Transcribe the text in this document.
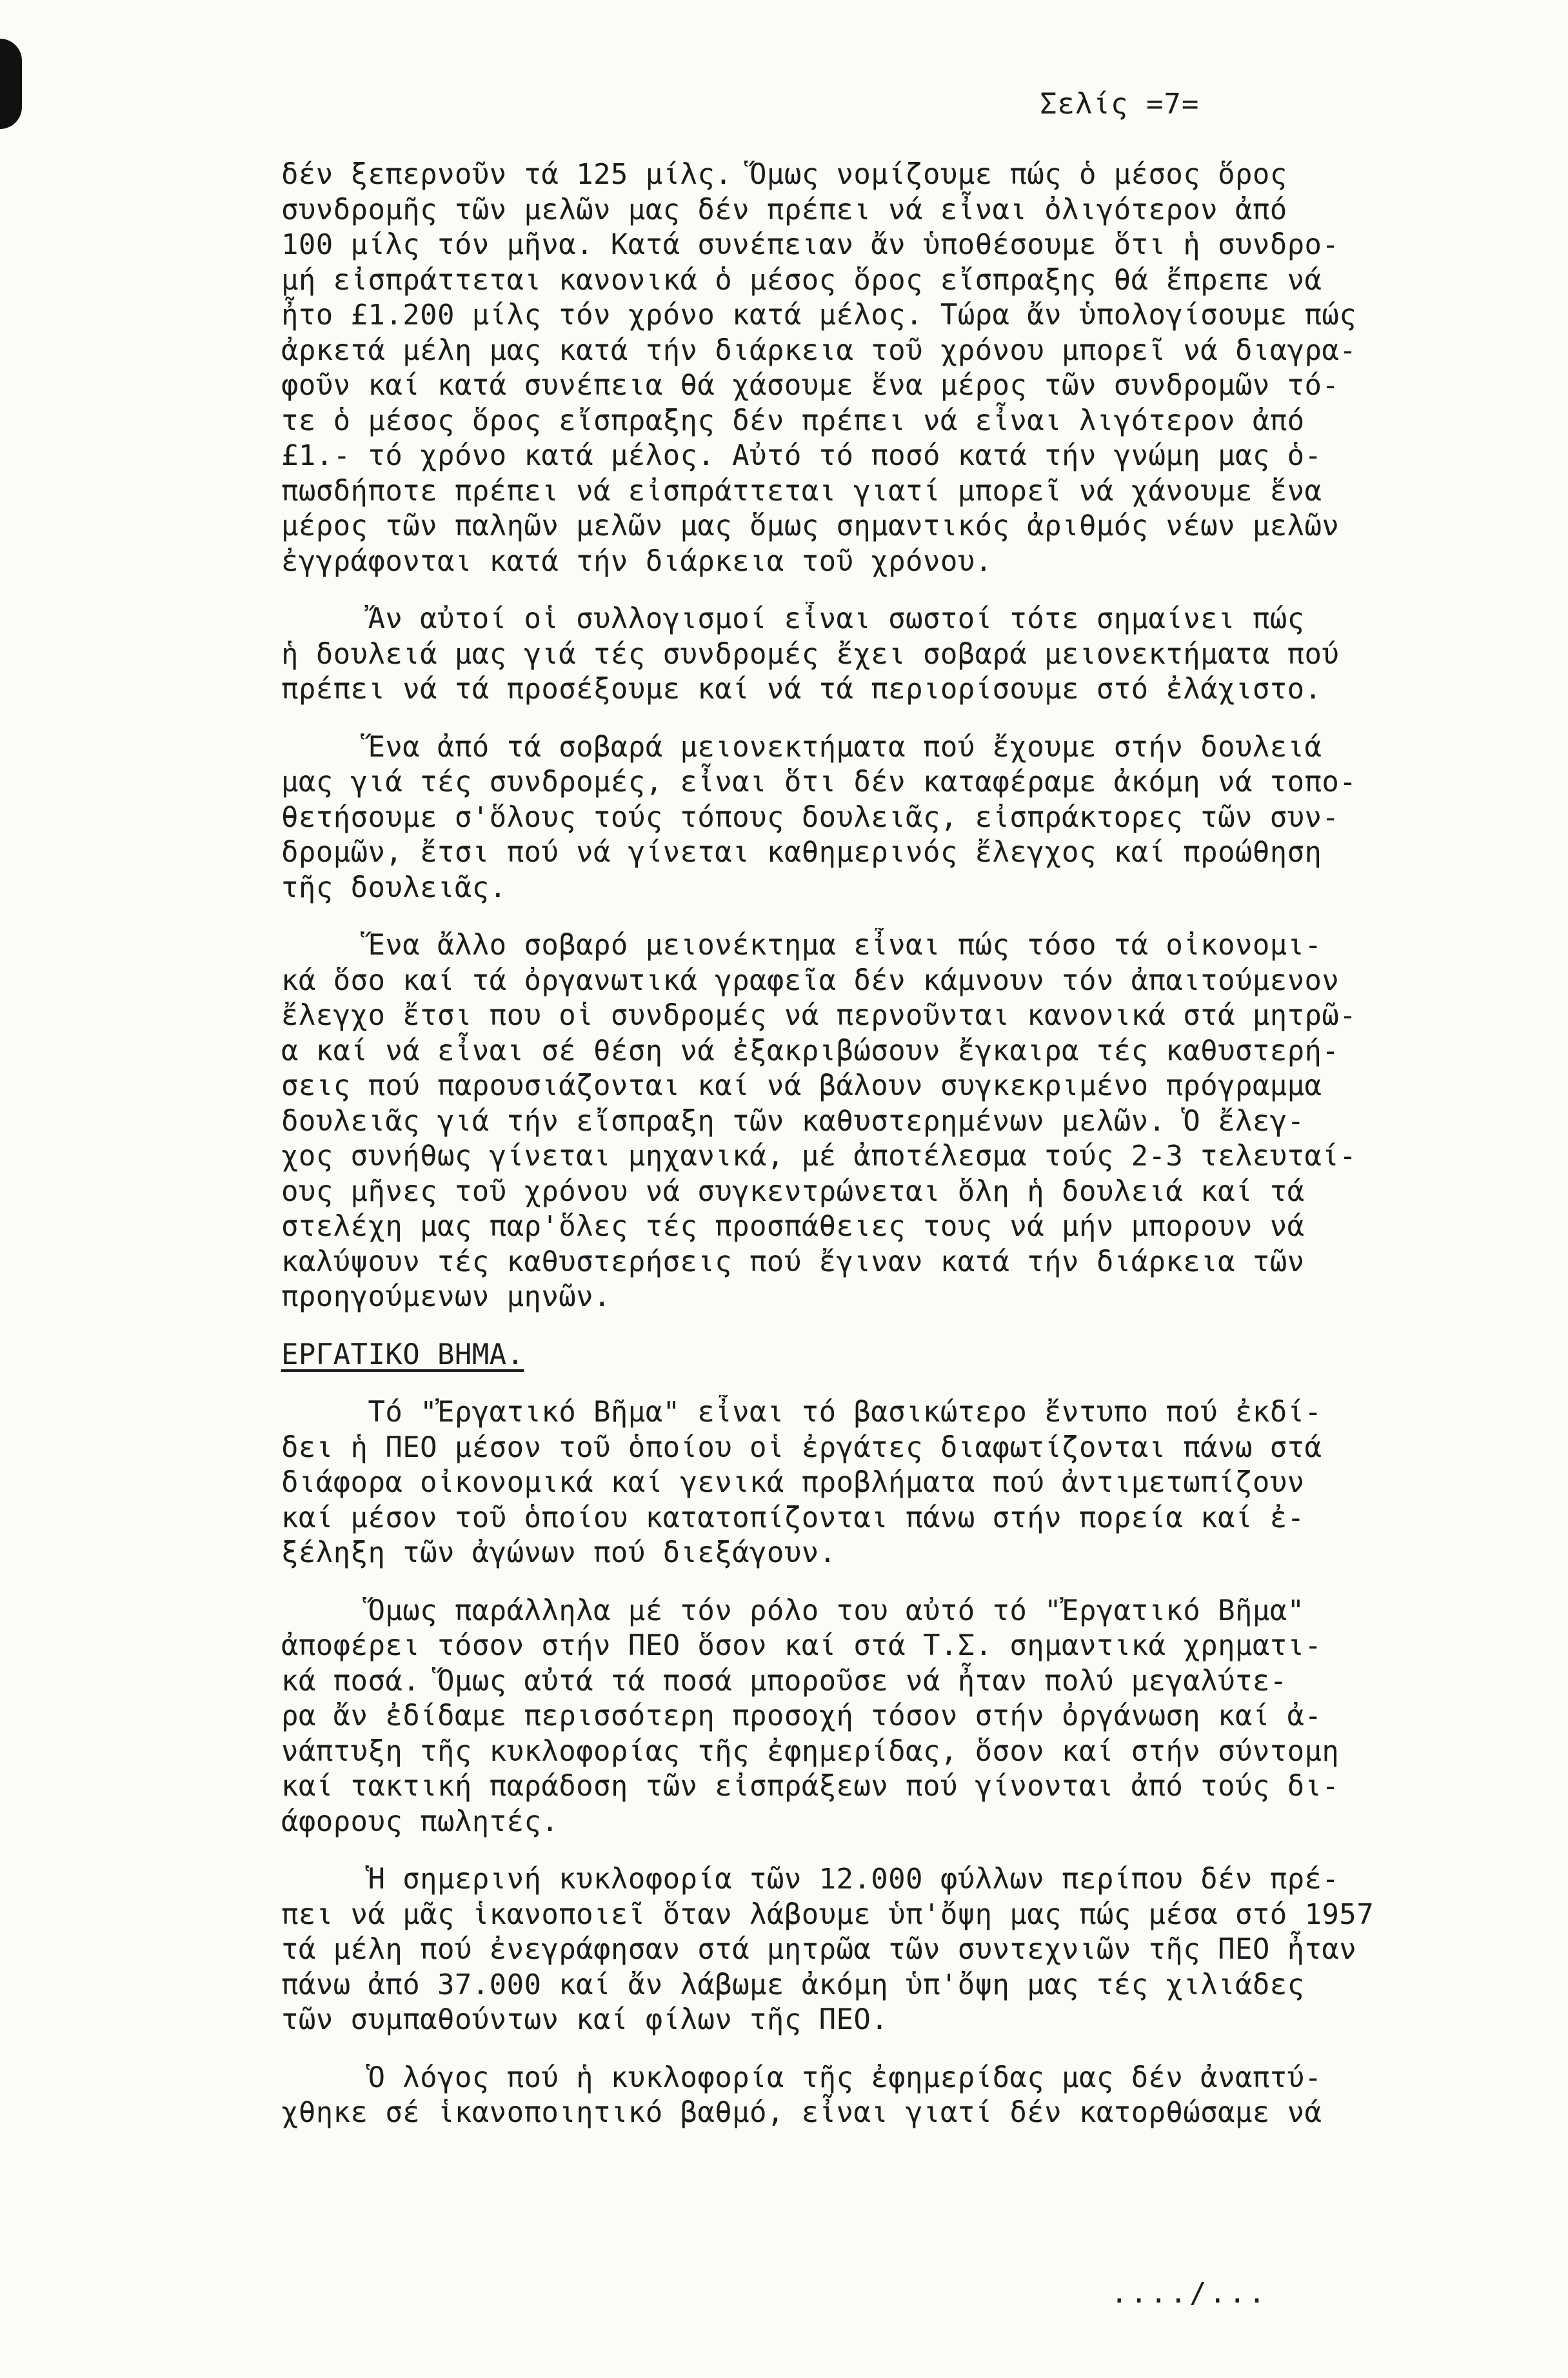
Σελίς =7=
δέν ξεπερνοῦν τά 125 μίλς. Ὅμως νομίζουμε πώς ὁ μέσος ὅρος
συνδρομῆς τῶν μελῶν μας δέν πρέπει νά εἶναι ὀλιγότερον ἀπό
100 μίλς τόν μῆνα. Κατά συνέπειαν ἄν ὑποθέσουμε ὅτι ἡ συνδρο-
μή εἰσπράττεται κανονικά ὁ μέσος ὅρος εἴσπραξης θά ἔπρεπε νά
ἦτο £1.200 μίλς τόν χρόνο κατά μέλος. Τώρα ἄν ὑπολογίσουμε πώς
ἀρκετά μέλη μας κατά τήν διάρκεια τοῦ χρόνου μπορεῖ νά διαγρα-
φοῦν καί κατά συνέπεια θά χάσουμε ἕνα μέρος τῶν συνδρομῶν τό-
τε ὁ μέσος ὅρος εἴσπραξης δέν πρέπει νά εἶναι λιγότερον ἀπό
£1.- τό χρόνο κατά μέλος. Αὐτό τό ποσό κατά τήν γνώμη μας ὁ-
πωσδήποτε πρέπει νά εἰσπράττεται γιατί μπορεῖ νά χάνουμε ἕνα
μέρος τῶν παληῶν μελῶν μας ὅμως σημαντικός ἀριθμός νέων μελῶν
ἐγγράφονται κατά τήν διάρκεια τοῦ χρόνου.
Ἄν αὐτοί οἱ συλλογισμοί εἶναι σωστοί τότε σημαίνει πώς
ἡ δουλειά μας γιά τές συνδρομές ἔχει σοβαρά μειονεκτήματα πού
πρέπει νά τά προσέξουμε καί νά τά περιορίσουμε στό ἐλάχιστο.
Ἕνα ἀπό τά σοβαρά μειονεκτήματα πού ἔχουμε στήν δουλειά
μας γιά τές συνδρομές, εἶναι ὅτι δέν καταφέραμε ἀκόμη νά τοπο-
θετήσουμε σ'ὅλους τούς τόπους δουλειᾶς, εἰσπράκτορες τῶν συν-
δρομῶν, ἔτσι πού νά γίνεται καθημερινός ἔλεγχος καί προώθηση
τῆς δουλειᾶς.
Ἕνα ἄλλο σοβαρό μειονέκτημα εἶναι πώς τόσο τά οἰκονομι-
κά ὅσο καί τά ὀργανωτικά γραφεῖα δέν κάμνουν τόν ἀπαιτούμενον
ἔλεγχο ἔτσι που οἱ συνδρομές νά περνοῦνται κανονικά στά μητρῶ-
α καί νά εἶναι σέ θέση νά ἐξακριβώσουν ἔγκαιρα τές καθυστερή-
σεις πού παρουσιάζονται καί νά βάλουν συγκεκριμένο πρόγραμμα
δουλειᾶς γιά τήν εἴσπραξη τῶν καθυστερημένων μελῶν. Ὁ ἔλεγ-
χος συνήθως γίνεται μηχανικά, μέ ἀποτέλεσμα τούς 2-3 τελευταί-
ους μῆνες τοῦ χρόνου νά συγκεντρώνεται ὅλη ἡ δουλειά καί τά
στελέχη μας παρ'ὅλες τές προσπάθειες τους νά μήν μπορουν νά
καλύψουν τές καθυστερήσεις πού ἔγιναν κατά τήν διάρκεια τῶν
προηγούμενων μηνῶν.
ΕΡΓΑΤΙΚΟ ΒΗΜΑ.
Τό "Ἐργατικό Βῆμα" εἶναι τό βασικώτερο ἔντυπο πού ἐκδί-
δει ἡ ΠΕΟ μέσον τοῦ ὁποίου οἱ ἐργάτες διαφωτίζονται πάνω στά
διάφορα οἰκονομικά καί γενικά προβλήματα πού ἀντιμετωπίζουν
καί μέσον τοῦ ὁποίου κατατοπίζονται πάνω στήν πορεία καί ἐ-
ξέληξη τῶν ἀγώνων πού διεξάγουν.
Ὅμως παράλληλα μέ τόν ρόλο του αὐτό τό "Ἐργατικό Βῆμα"
ἀποφέρει τόσον στήν ΠΕΟ ὅσον καί στά Τ.Σ. σημαντικά χρηματι-
κά ποσά. Ὅμως αὐτά τά ποσά μποροῦσε νά ἦταν πολύ μεγαλύτε-
ρα ἄν ἐδίδαμε περισσότερη προσοχή τόσον στήν ὀργάνωση καί ἀ-
νάπτυξη τῆς κυκλοφορίας τῆς ἐφημερίδας, ὅσον καί στήν σύντομη
καί τακτική παράδοση τῶν εἰσπράξεων πού γίνονται ἀπό τούς δι-
άφορους πωλητές.
Ἡ σημερινή κυκλοφορία τῶν 12.000 φύλλων περίπου δέν πρέ-
πει νά μᾶς ἱκανοποιεῖ ὅταν λάβουμε ὑπ'ὄψη μας πώς μέσα στό 1957
τά μέλη πού ἐνεγράφησαν στά μητρῶα τῶν συντεχνιῶν τῆς ΠΕΟ ἦταν
πάνω ἀπό 37.000 καί ἄν λάβωμε ἀκόμη ὑπ'ὄψη μας τές χιλιάδες
τῶν συμπαθούντων καί φίλων τῆς ΠΕΟ.
Ὁ λόγος πού ἡ κυκλοφορία τῆς ἐφημερίδας μας δέν ἀναπτύ-
χθηκε σέ ἱκανοποιητικό βαθμό, εἶναι γιατί δέν κατορθώσαμε νά
..../...
